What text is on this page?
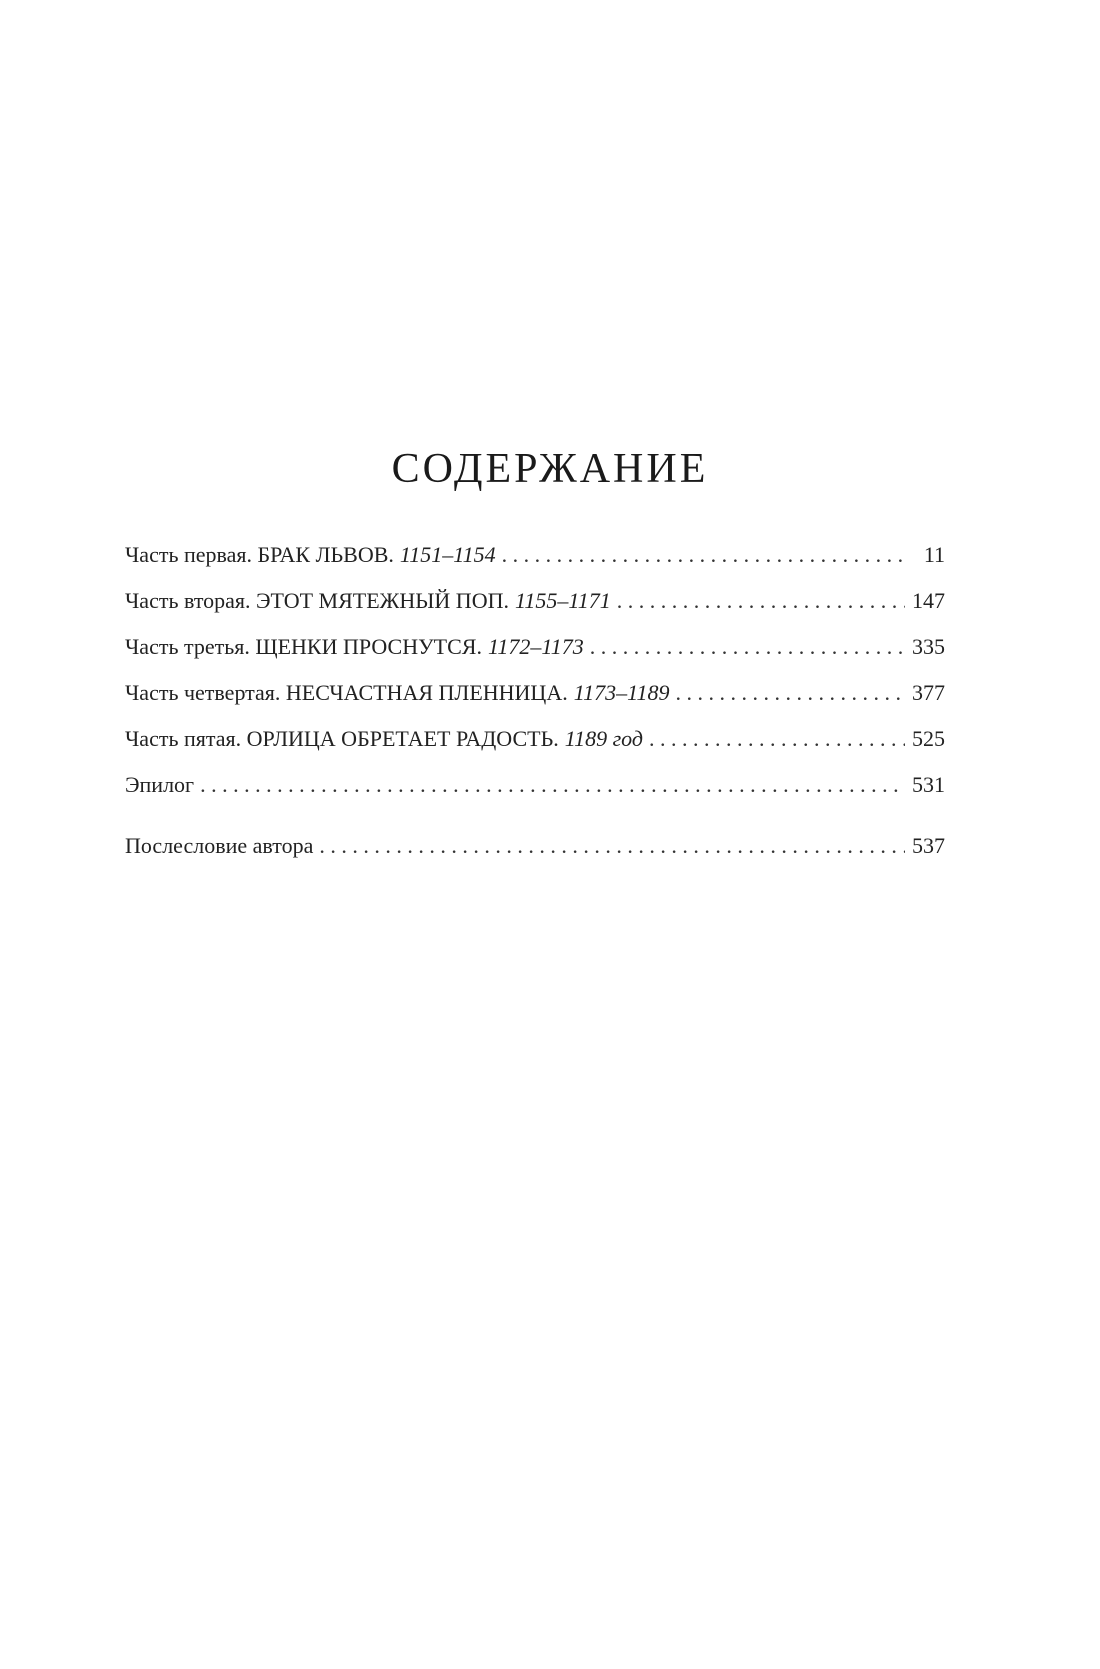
СОДЕРЖАНИЕ
Часть первая. БРАК ЛЬВОВ. 1151–1154 . . .	11
Часть вторая. ЭТОТ МЯТЕЖНЫЙ ПОП. 1155–1171 . . .	147
Часть третья. ЩЕНКИ ПРОСНУТСЯ. 1172–1173 . . .	335
Часть четвертая. НЕСЧАСТНАЯ ПЛЕННИЦА. 1173–1189 . . .	377
Часть пятая. ОРЛИЦА ОБРЕТАЕТ РАДОСТЬ. 1189 год . . .	525
Эпилог . . .	531
Послесловие автора . . .	537
